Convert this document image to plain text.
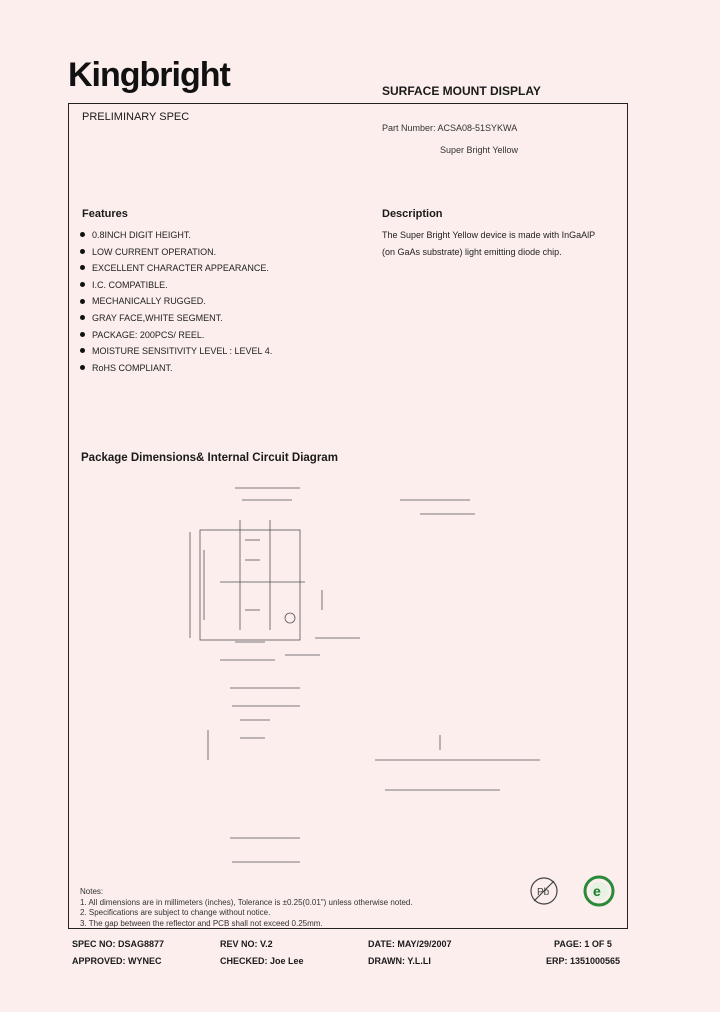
Kingbright	SURFACE MOUNT DISPLAY
PRELIMINARY SPEC
Part Number: ACSA08-51SYKWA
Super Bright Yellow
Features
0.8INCH DIGIT HEIGHT.
LOW CURRENT OPERATION.
EXCELLENT CHARACTER APPEARANCE.
I.C. COMPATIBLE.
MECHANICALLY RUGGED.
GRAY FACE,WHITE SEGMENT.
PACKAGE: 200PCS/ REEL.
MOISTURE SENSITIVITY LEVEL : LEVEL 4.
RoHS COMPLIANT.
Description
The Super Bright Yellow device is made with InGaAlP
(on GaAs substrate) light emitting diode chip.
Package Dimensions& Internal Circuit Diagram
Notes:
1. All dimensions are in millimeters (inches), Tolerance is ±0.25(0.01") unless otherwise noted.
2. Specifications are subject to change without notice.
3. The gap between the reflector and PCB shall not exceed 0.25mm.
Pb	e
SPEC NO: DSAG8877	REV NO: V.2	DATE: MAY/29/2007	PAGE: 1 OF 5
APPROVED: WYNEC	CHECKED: Joe Lee	DRAWN: Y.L.LI	ERP: 1351000565
